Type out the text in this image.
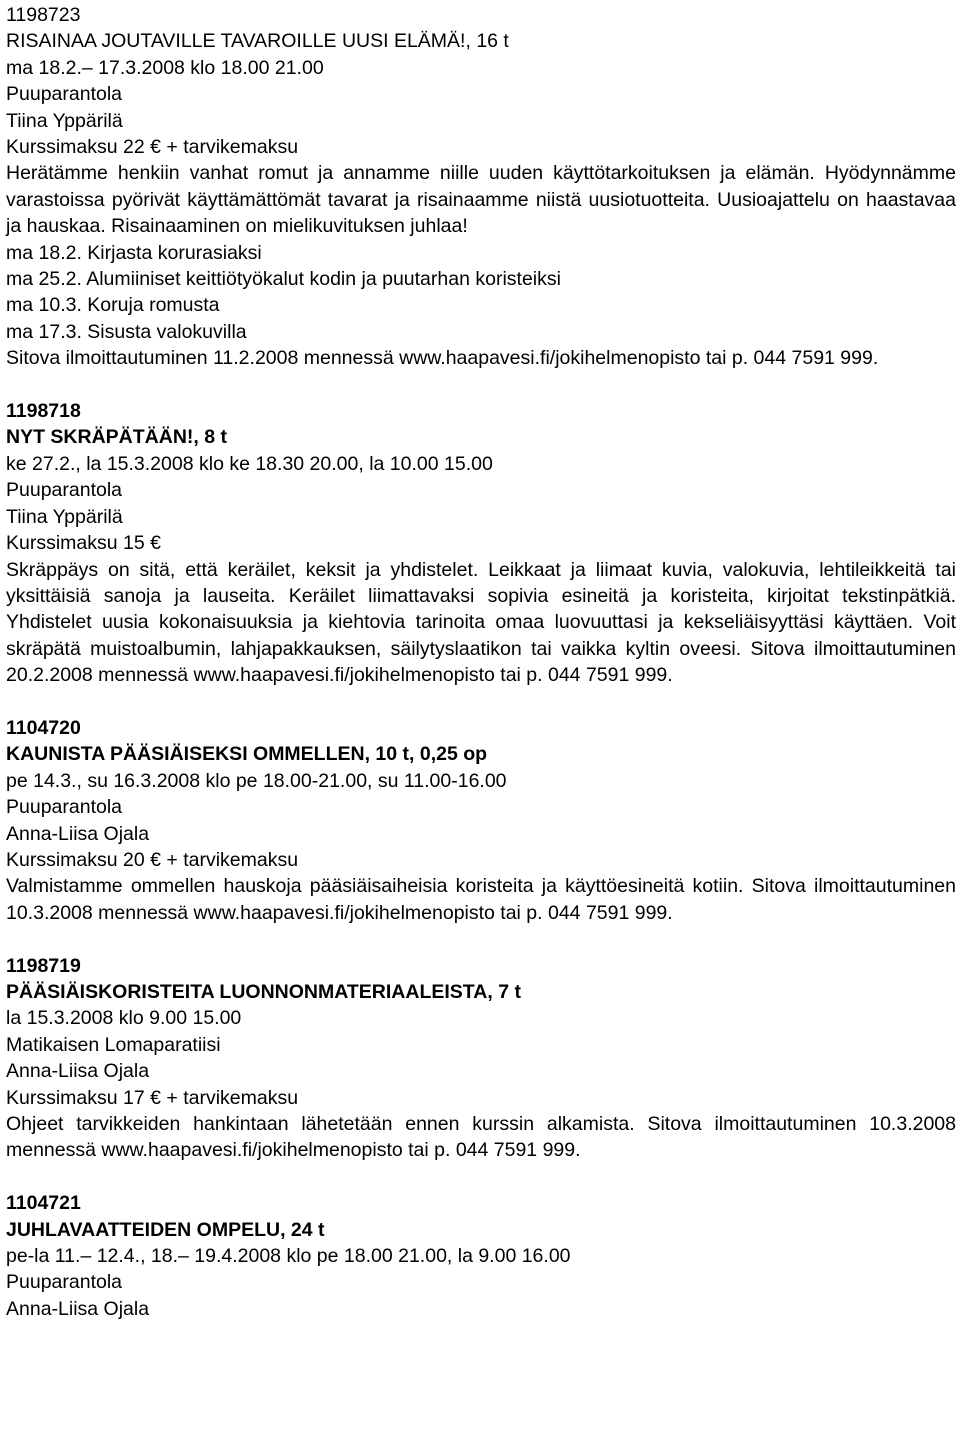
1198723
RISAINAA JOUTAVILLE TAVAROILLE UUSI ELÄMÄ!, 16 t
ma 18.2.– 17.3.2008 klo 18.00 21.00
Puuparantola
Tiina Yppärilä
Kurssimaksu 22 € + tarvikemaksu
Herätämme henkiin vanhat romut ja annamme niille uuden käyttötarkoituksen ja elämän. Hyödynnämme varastoissa pyörivät käyttämättömät tavarat ja risainaamme niistä uusiotuotteita. Uusioajattelu on haastavaa ja hauskaa. Risainaaminen on mielikuvituksen juhlaa!
ma 18.2. Kirjasta korurasiaksi
ma 25.2. Alumiiniset keittiötyökalut kodin ja puutarhan koristeiksi
ma 10.3. Koruja romusta
ma 17.3. Sisusta valokuvilla
Sitova ilmoittautuminen 11.2.2008 mennessä www.haapavesi.fi/jokihelmenopisto tai p. 044 7591 999.
1198718
NYT SKRÄPÄTÄÄN!, 8 t
ke 27.2., la 15.3.2008 klo ke 18.30 20.00, la 10.00 15.00
Puuparantola
Tiina Yppärilä
Kurssimaksu 15 €
Skräppäys on sitä, että keräilet, keksit ja yhdistelet. Leikkaat ja liimaat kuvia, valokuvia, lehtileikkeitä tai yksittäisiä sanoja ja lauseita. Keräilet liimattavaksi sopivia esineitä ja koristeita, kirjoitat tekstinpätkiä. Yhdistelet uusia kokonaisuuksia ja kiehtovia tarinoita omaa luovuuttasi ja kekseliäisyyttäsi käyttäen. Voit skräpätä muistoalbumin, lahjapakkauksen, säilytyslaatikon tai vaikka kyltin oveesi. Sitova ilmoittautuminen 20.2.2008 mennessä www.haapavesi.fi/jokihelmenopisto tai p. 044 7591 999.
1104720
KAUNISTA PÄÄSIÄISEKSI OMMELLEN, 10 t, 0,25 op
pe 14.3., su 16.3.2008 klo pe 18.00-21.00, su 11.00-16.00
Puuparantola
Anna-Liisa Ojala
Kurssimaksu 20 € + tarvikemaksu
Valmistamme ommellen hauskoja pääsiäisaiheisia koristeita ja käyttöesineitä kotiin. Sitova ilmoittautuminen 10.3.2008 mennessä www.haapavesi.fi/jokihelmenopisto tai p. 044 7591 999.
1198719
PÄÄSIÄISKORISTEITA LUONNONMATERIAALEISTA, 7 t
la 15.3.2008 klo 9.00 15.00
Matikaisen Lomaparatiisi
Anna-Liisa Ojala
Kurssimaksu 17 € + tarvikemaksu
Ohjeet tarvikkeiden hankintaan lähetetään ennen kurssin alkamista. Sitova ilmoittautuminen 10.3.2008 mennessä www.haapavesi.fi/jokihelmenopisto tai p. 044 7591 999.
1104721
JUHLAVAATTEIDEN OMPELU, 24 t
pe-la 11.– 12.4., 18.– 19.4.2008 klo pe 18.00 21.00, la 9.00 16.00
Puuparantola
Anna-Liisa Ojala
